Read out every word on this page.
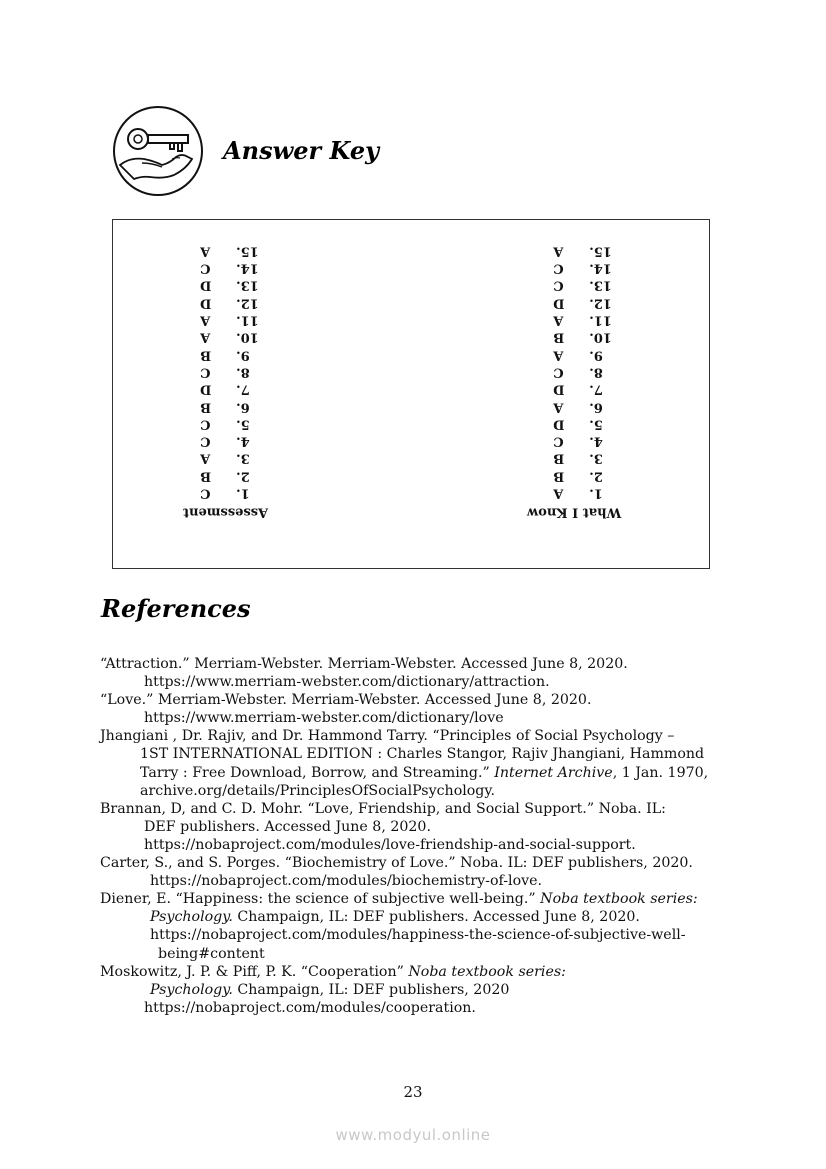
Answer Key
What I Know
1.A
2.B
3.B
4.C
5.D
6.A
7.D
8.C
9.A
10.B
11.A
12.D
13.C
14.C
15.A
Assessment
1.C
2.B
3.A
4.C
5.C
6.B
7.D
8.C
9.B
10.A
11.A
12.D
13.D
14.C
15.A
References
“Attraction.” Merriam-Webster. Merriam-Webster. Accessed June 8, 2020.
https://www.merriam-webster.com/dictionary/attraction.
“Love.” Merriam-Webster. Merriam-Webster. Accessed June 8, 2020.
https://www.merriam-webster.com/dictionary/love
Jhangiani , Dr. Rajiv, and Dr. Hammond Tarry. “Principles of Social Psychology –
1ST INTERNATIONAL EDITION : Charles Stangor, Rajiv Jhangiani, Hammond
Tarry : Free Download, Borrow, and Streaming.” Internet Archive, 1 Jan. 1970,
archive.org/details/PrinciplesOfSocialPsychology.
Brannan, D, and C. D. Mohr. “Love, Friendship, and Social Support.” Noba. IL:
DEF publishers. Accessed June 8, 2020.
https://nobaproject.com/modules/love-friendship-and-social-support.
Carter, S., and S. Porges. “Biochemistry of Love.” Noba. IL: DEF publishers, 2020.
https://nobaproject.com/modules/biochemistry-of-love.
Diener, E. “Happiness: the science of subjective well-being.” Noba textbook series:
Psychology. Champaign, IL: DEF publishers. Accessed June 8, 2020.
https://nobaproject.com/modules/happiness-the-science-of-subjective-well-
being#content
Moskowitz, J. P. & Piff, P. K. “Cooperation” Noba textbook series:
Psychology. Champaign, IL: DEF publishers, 2020
https://nobaproject.com/modules/cooperation.
23
www.modyul.online
